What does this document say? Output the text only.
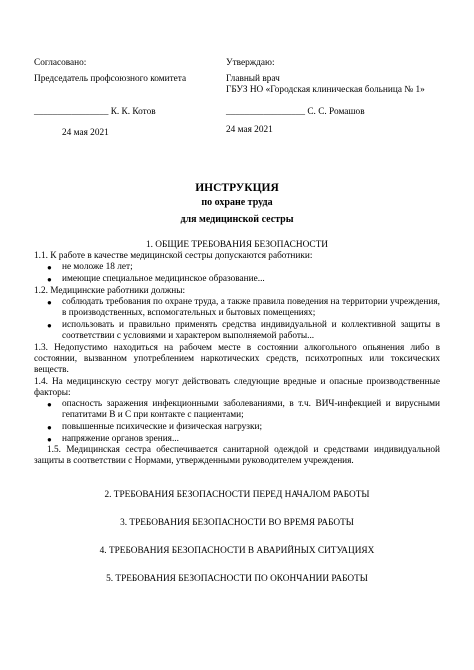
Согласовано:
Председатель профсоюзного комитета
________________ К. К. Котов
24 мая 2021
Утверждаю:
Главный врач
ГБУЗ НО «Городская клиническая больница № 1»
_________________ С. С. Ромашов
24 мая 2021
ИНСТРУКЦИЯ
по охране труда
для медицинской сестры
1. ОБЩИЕ ТРЕБОВАНИЯ БЕЗОПАСНОСТИ
1.1. К работе в качестве медицинской сестры допускаются работники:
● не моложе 18 лет;
● имеющие специальное медицинское образование...
1.2. Медицинские работники должны:
● соблюдать требования по охране труда, а также правила поведения на территории учреждения, в производственных, вспомогательных и бытовых помещениях;
● использовать и правильно применять средства индивидуальной и коллективной защиты в соответствии с условиями и характером выполняемой работы...
1.3. Недопустимо находиться на рабочем месте в состоянии алкогольного опьянения либо в состоянии, вызванном употреблением наркотических средств, психотропных или токсических веществ.
1.4. На медицинскую сестру могут действовать следующие вредные и опасные производственные факторы:
● опасность заражения инфекционными заболеваниями, в т.ч. ВИЧ-инфекцией и вирусными гепатитами В и С при контакте с пациентами;
● повышенные психические и физическая нагрузки;
● напряжение органов зрения...
1.5. Медицинская сестра обеспечивается санитарной одеждой и средствами индивидуальной защиты в соответствии с Нормами, утвержденными руководителем учреждения.
2. ТРЕБОВАНИЯ БЕЗОПАСНОСТИ ПЕРЕД НАЧАЛОМ РАБОТЫ
3. ТРЕБОВАНИЯ БЕЗОПАСНОСТИ ВО ВРЕМЯ РАБОТЫ
4. ТРЕБОВАНИЯ БЕЗОПАСНОСТИ В АВАРИЙНЫХ СИТУАЦИЯХ
5. ТРЕБОВАНИЯ БЕЗОПАСНОСТИ ПО ОКОНЧАНИИ РАБОТЫ
